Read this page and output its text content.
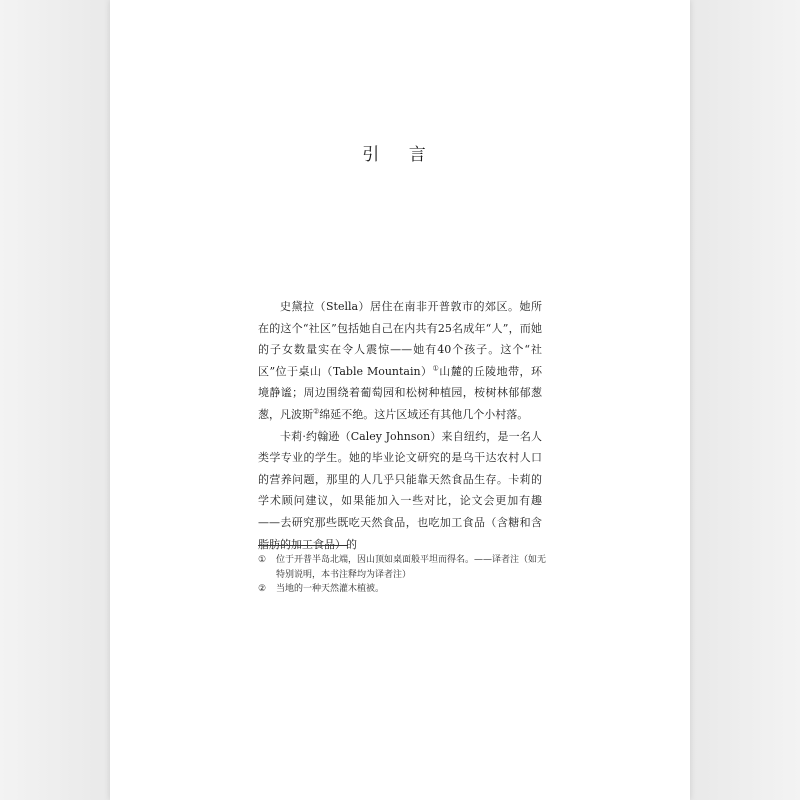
引 言

史黛拉（Stella）居住在南非开普敦市的郊区。她所在的这个“社区”包括她自己在内共有25名成年“人”，而她的子女数量实在令人震惊——她有40个孩子。这个“社区”位于桌山（Table Mountain）①山麓的丘陵地带，环境静谧；周边围绕着葡萄园和松树种植园，桉树林郁郁葱葱，凡波斯②绵延不绝。这片区域还有其他几个小村落。

卡莉·约翰逊（Caley Johnson）来自纽约，是一名人类学专业的学生。她的毕业论文研究的是乌干达农村人口的营养问题，那里的人几乎只能靠天然食品生存。卡莉的学术顾问建议，如果能加入一些对比，论文会更加有趣——去研究那些既吃天然食品，也吃加工食品（含糖和含脂肪的加工食品）的

①	位于开普半岛北端，因山顶如桌面般平坦而得名。——译者注（如无特别说明，本书注释均为译者注）
②	当地的一种天然灌木植被。
